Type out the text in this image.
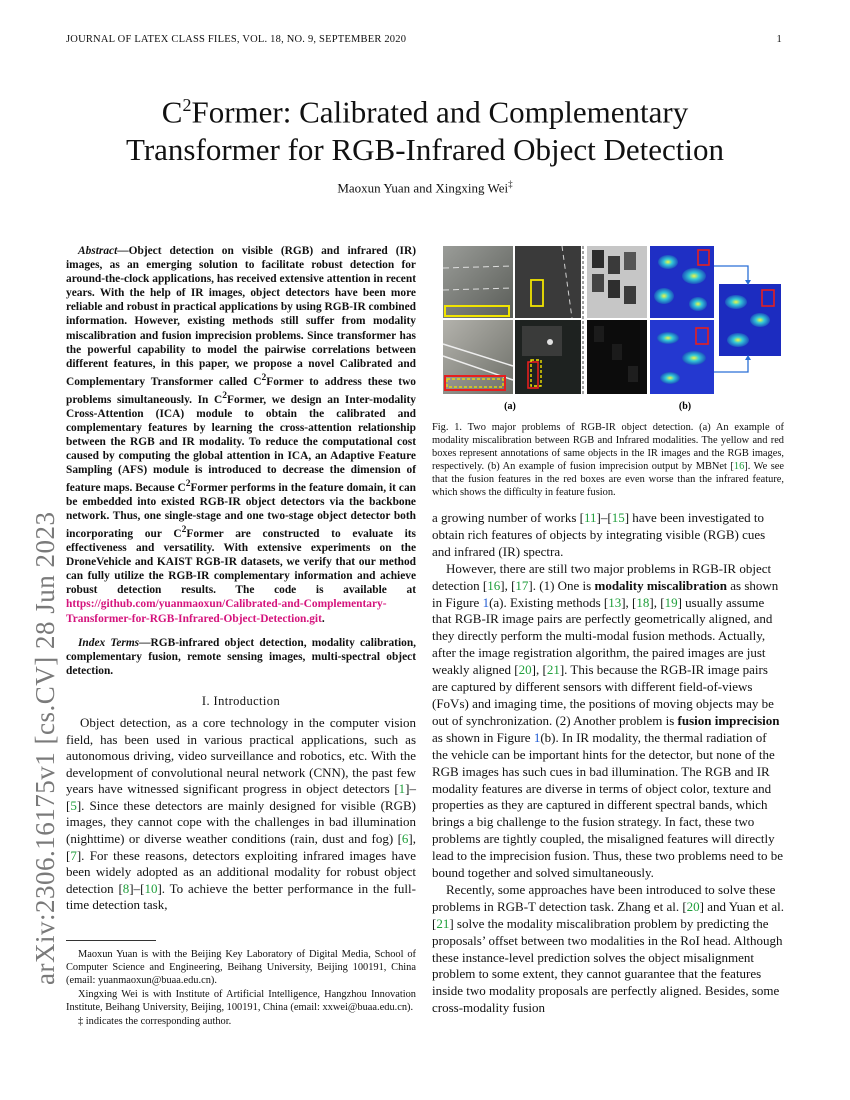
JOURNAL OF LATEX CLASS FILES, VOL. 18, NO. 9, SEPTEMBER 2020	1
arXiv:2306.16175v1 [cs.CV] 28 Jun 2023
$C^2Former$: Calibrated and Complementary
Transformer for RGB-Infrared Object Detection
Maoxun Yuan and Xingxing Wei‡

Abstract—Object detection on visible (RGB) and infrared (IR) images, as an emerging solution to facilitate robust detection for around-the-clock applications, has received extensive attention in recent years. With the help of IR images, object detectors have been more reliable and robust in practical applications by using RGB-IR combined information. However, existing methods still suffer from modality miscalibration and fusion imprecision problems. Since transformer has the powerful capability to model the pairwise correlations between different features, in this paper, we propose a novel Calibrated and Complementary Transformer called $C^2Former$ to address these two problems simultaneously. In $C^2Former$, we design an Inter-modality Cross-Attention (ICA) module to obtain the calibrated and complementary features by learning the cross-attention relationship between the RGB and IR modality. To reduce the computational cost caused by computing the global attention in ICA, an Adaptive Feature Sampling (AFS) module is introduced to decrease the dimension of feature maps. Because $C^2Former$ performs in the feature domain, it can be embedded into existed RGB-IR object detectors via the backbone network. Thus, one single-stage and one two-stage object detector both incorporating our $C^2Former$ are constructed to evaluate its effectiveness and versatility. With extensive experiments on the DroneVehicle and KAIST RGB-IR datasets, we verify that our method can fully utilize the RGB-IR complementary information and achieve robust detection results. The code is available at https://github.com/yuanmaoxun/Calibrated-and-Complementary-Transformer-for-RGB-Infrared-Object-Detection.git.

Index Terms—RGB-infrared object detection, modality calibration, complementary fusion, remote sensing images, multi-spectral object detection.

I. Introduction

Object detection, as a core technology in the computer vision field, has been used in various practical applications, such as autonomous driving, video surveillance and robotics, etc. With the development of convolutional neural network (CNN), the past few years have witnessed significant progress in object detectors [1]–[5]. Since these detectors are mainly designed for visible (RGB) images, they cannot cope with the challenges in bad illumination (nighttime) or diverse weather conditions (rain, dust and fog) [6], [7]. For these reasons, detectors exploiting infrared images have been widely adopted as an additional modality for robust object detection [8]–[10]. To achieve the better performance in the full-time detection task,

Maoxun Yuan is with the Beijing Key Laboratory of Digital Media, School of Computer Science and Engineering, Beihang University, Beijing 100191, China (email: yuanmaoxun@buaa.edu.cn).

Xingxing Wei is with Institute of Artificial Intelligence, Hangzhou Innovation Institute, Beihang University, Beijing, 100191, China (email: xxwei@buaa.edu.cn).

‡ indicates the corresponding author.

(a)	(b)
Fig. 1. Two major problems of RGB-IR object detection. (a) An example of modality miscalibration between RGB and Infrared modalities. The yellow and red boxes represent annotations of same objects in the IR images and the RGB images, respectively. (b) An example of fusion imprecision output by MBNet [16]. We see that the fusion features in the red boxes are even worse than the infrared feature, which shows the difficulty in feature fusion.

a growing number of works [11]–[15] have been investigated to obtain rich features of objects by integrating visible (RGB) cues and infrared (IR) spectra.

However, there are still two major problems in RGB-IR object detection [16], [17]. (1) One is modality miscalibration as shown in Figure 1(a). Existing methods [13], [18], [19] usually assume that RGB-IR image pairs are perfectly geometrically aligned, and they directly perform the multi-modal fusion methods. Actually, after the image registration algorithm, the paired images are just weakly aligned [20], [21]. This because the RGB-IR image pairs are captured by different sensors with different field-of-views (FoVs) and imaging time, the positions of moving objects may be out of synchronization. (2) Another problem is fusion imprecision as shown in Figure 1(b). In IR modality, the thermal radiation of the vehicle can be important hints for the detector, but none of the RGB images has such cues in bad illumination. The RGB and IR modality features are diverse in terms of object color, texture and properties as they are captured in different spectral bands, which brings a big challenge to the fusion strategy. In fact, these two problems are tightly coupled, the misaligned features will directly lead to the imprecision fusion. Thus, these two problems need to be bound together and solved simultaneously.

Recently, some approaches have been introduced to solve these problems in RGB-T detection task. Zhang et al. [20] and Yuan et al. [21] solve the modality miscalibration problem by predicting the proposals’ offset between two modalities in the RoI head. Although these instance-level prediction solves the object misalignment problem to some extent, they cannot guarantee that the features inside two modality proposals are perfectly aligned. Besides, some cross-modality fusion
